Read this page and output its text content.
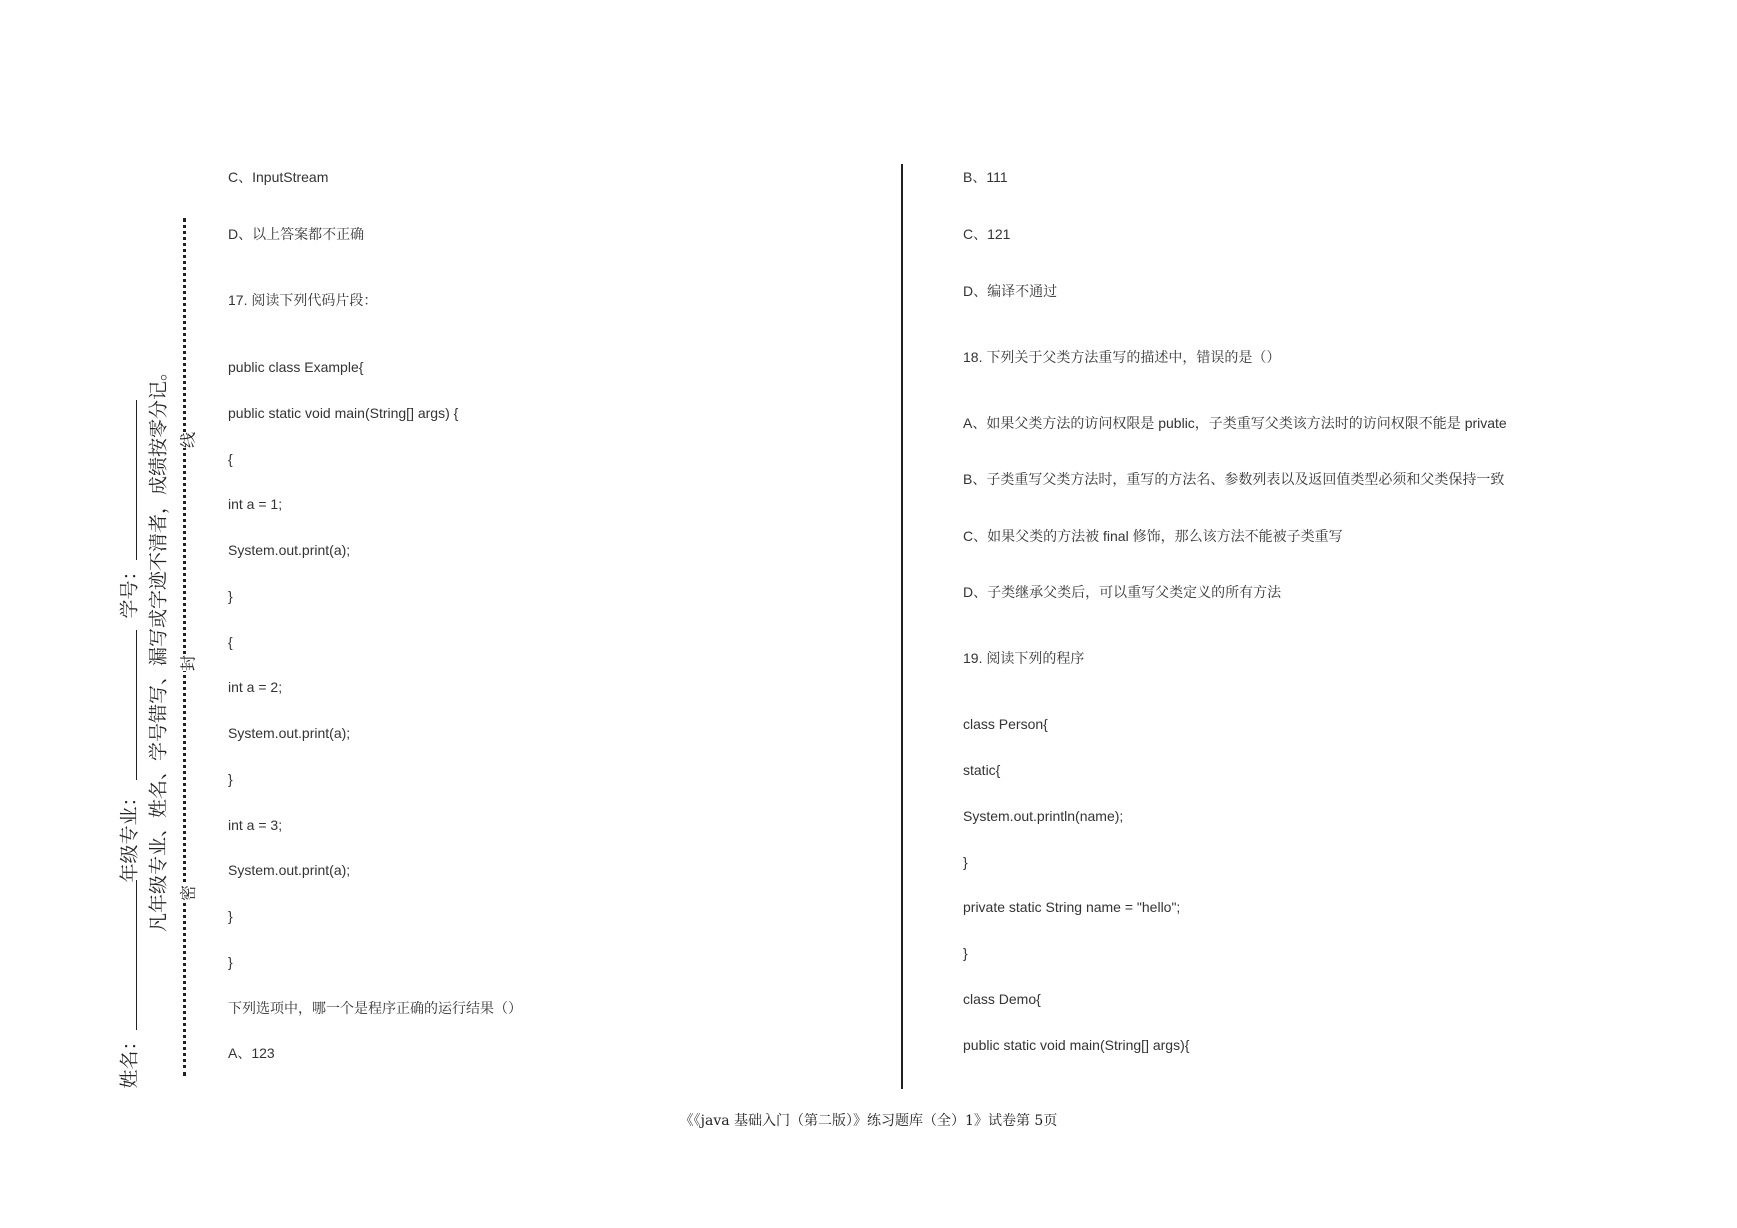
姓名：
年级专业：
学号： 凡年级专业、姓名、学号错写、漏写或字迹不清者，成绩按零分记。 密
封
线
C、InputStream
D、以上答案都不正确
17. 阅读下列代码片段：
public class Example{
public static void main(String[] args) {
{
int a = 1;
System.out.print(a);
}
{
int a = 2;
System.out.print(a);
}
int a = 3;
System.out.print(a);
}
}
下列选项中，哪一个是程序正确的运行结果（）
A、123
B、111
C、121
D、编译不通过
18. 下列关于父类方法重写的描述中，错误的是（）
A、如果父类方法的访问权限是 public，子类重写父类该方法时的访问权限不能是 private
B、子类重写父类方法时，重写的方法名、参数列表以及返回值类型必须和父类保持一致
C、如果父类的方法被 final 修饰，那么该方法不能被子类重写
D、子类继承父类后，可以重写父类定义的所有方法
19. 阅读下列的程序
class Person{
static{
System.out.println(name);
}
private static String name = "hello";
}
class Demo{
public static void main(String[] args){
《《java 基础入门（第二版）》练习题库（全）1》试卷第 5页
